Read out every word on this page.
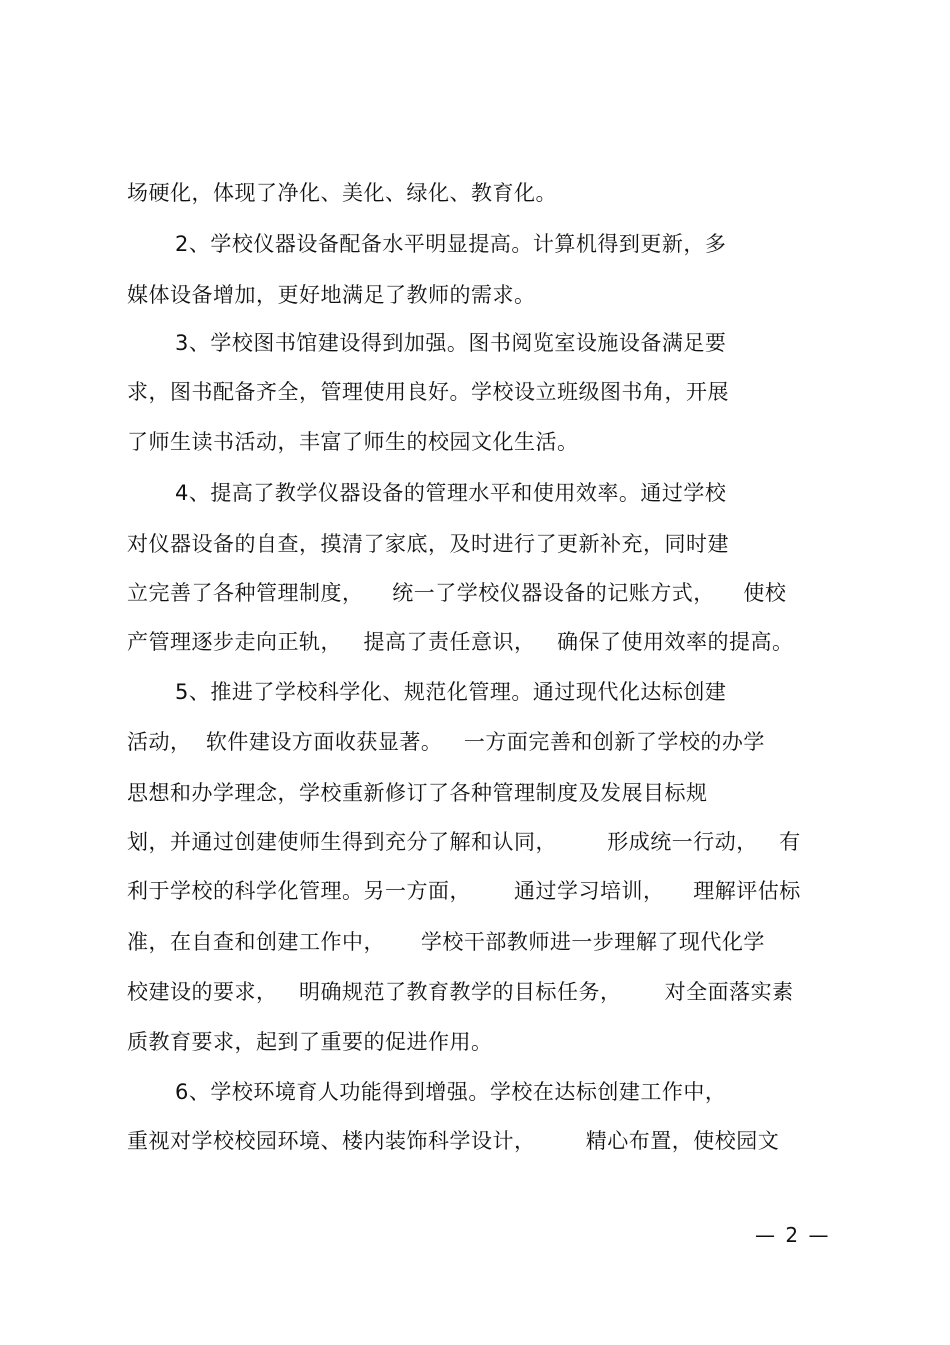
场硬化，体现了净化、美化、绿化、教育化。
2、学校仪器设备配备水平明显提高。计算机得到更新，多
媒体设备增加，更好地满足了教师的需求。
3、学校图书馆建设得到加强。图书阅览室设施设备满足要
求，图书配备齐全，管理使用良好。学校设立班级图书角，开展
了师生读书活动，丰富了师生的校园文化生活。
4、提高了教学仪器设备的管理水平和使用效率。通过学校
对仪器设备的自查，摸清了家底，及时进行了更新补充，同时建
立完善了各种管理制度，    统一了学校仪器设备的记账方式，    使校
产管理逐步走向正轨，   提高了责任意识，   确保了使用效率的提高。
5、推进了学校科学化、规范化管理。通过现代化达标创建
活动，  软件建设方面收获显著。   一方面完善和创新了学校的办学
思想和办学理念，学校重新修订了各种管理制度及发展目标规
划，并通过创建使师生得到充分了解和认同，       形成统一行动，   有
利于学校的科学化管理。另一方面，      通过学习培训，    理解评估标
准，在自查和创建工作中，     学校干部教师进一步理解了现代化学
校建设的要求，   明确规范了教育教学的目标任务，      对全面落实素
质教育要求，起到了重要的促进作用。
6、学校环境育人功能得到增强。学校在达标创建工作中，
重视对学校校园环境、楼内装饰科学设计，       精心布置，使校园文
— 2 —
